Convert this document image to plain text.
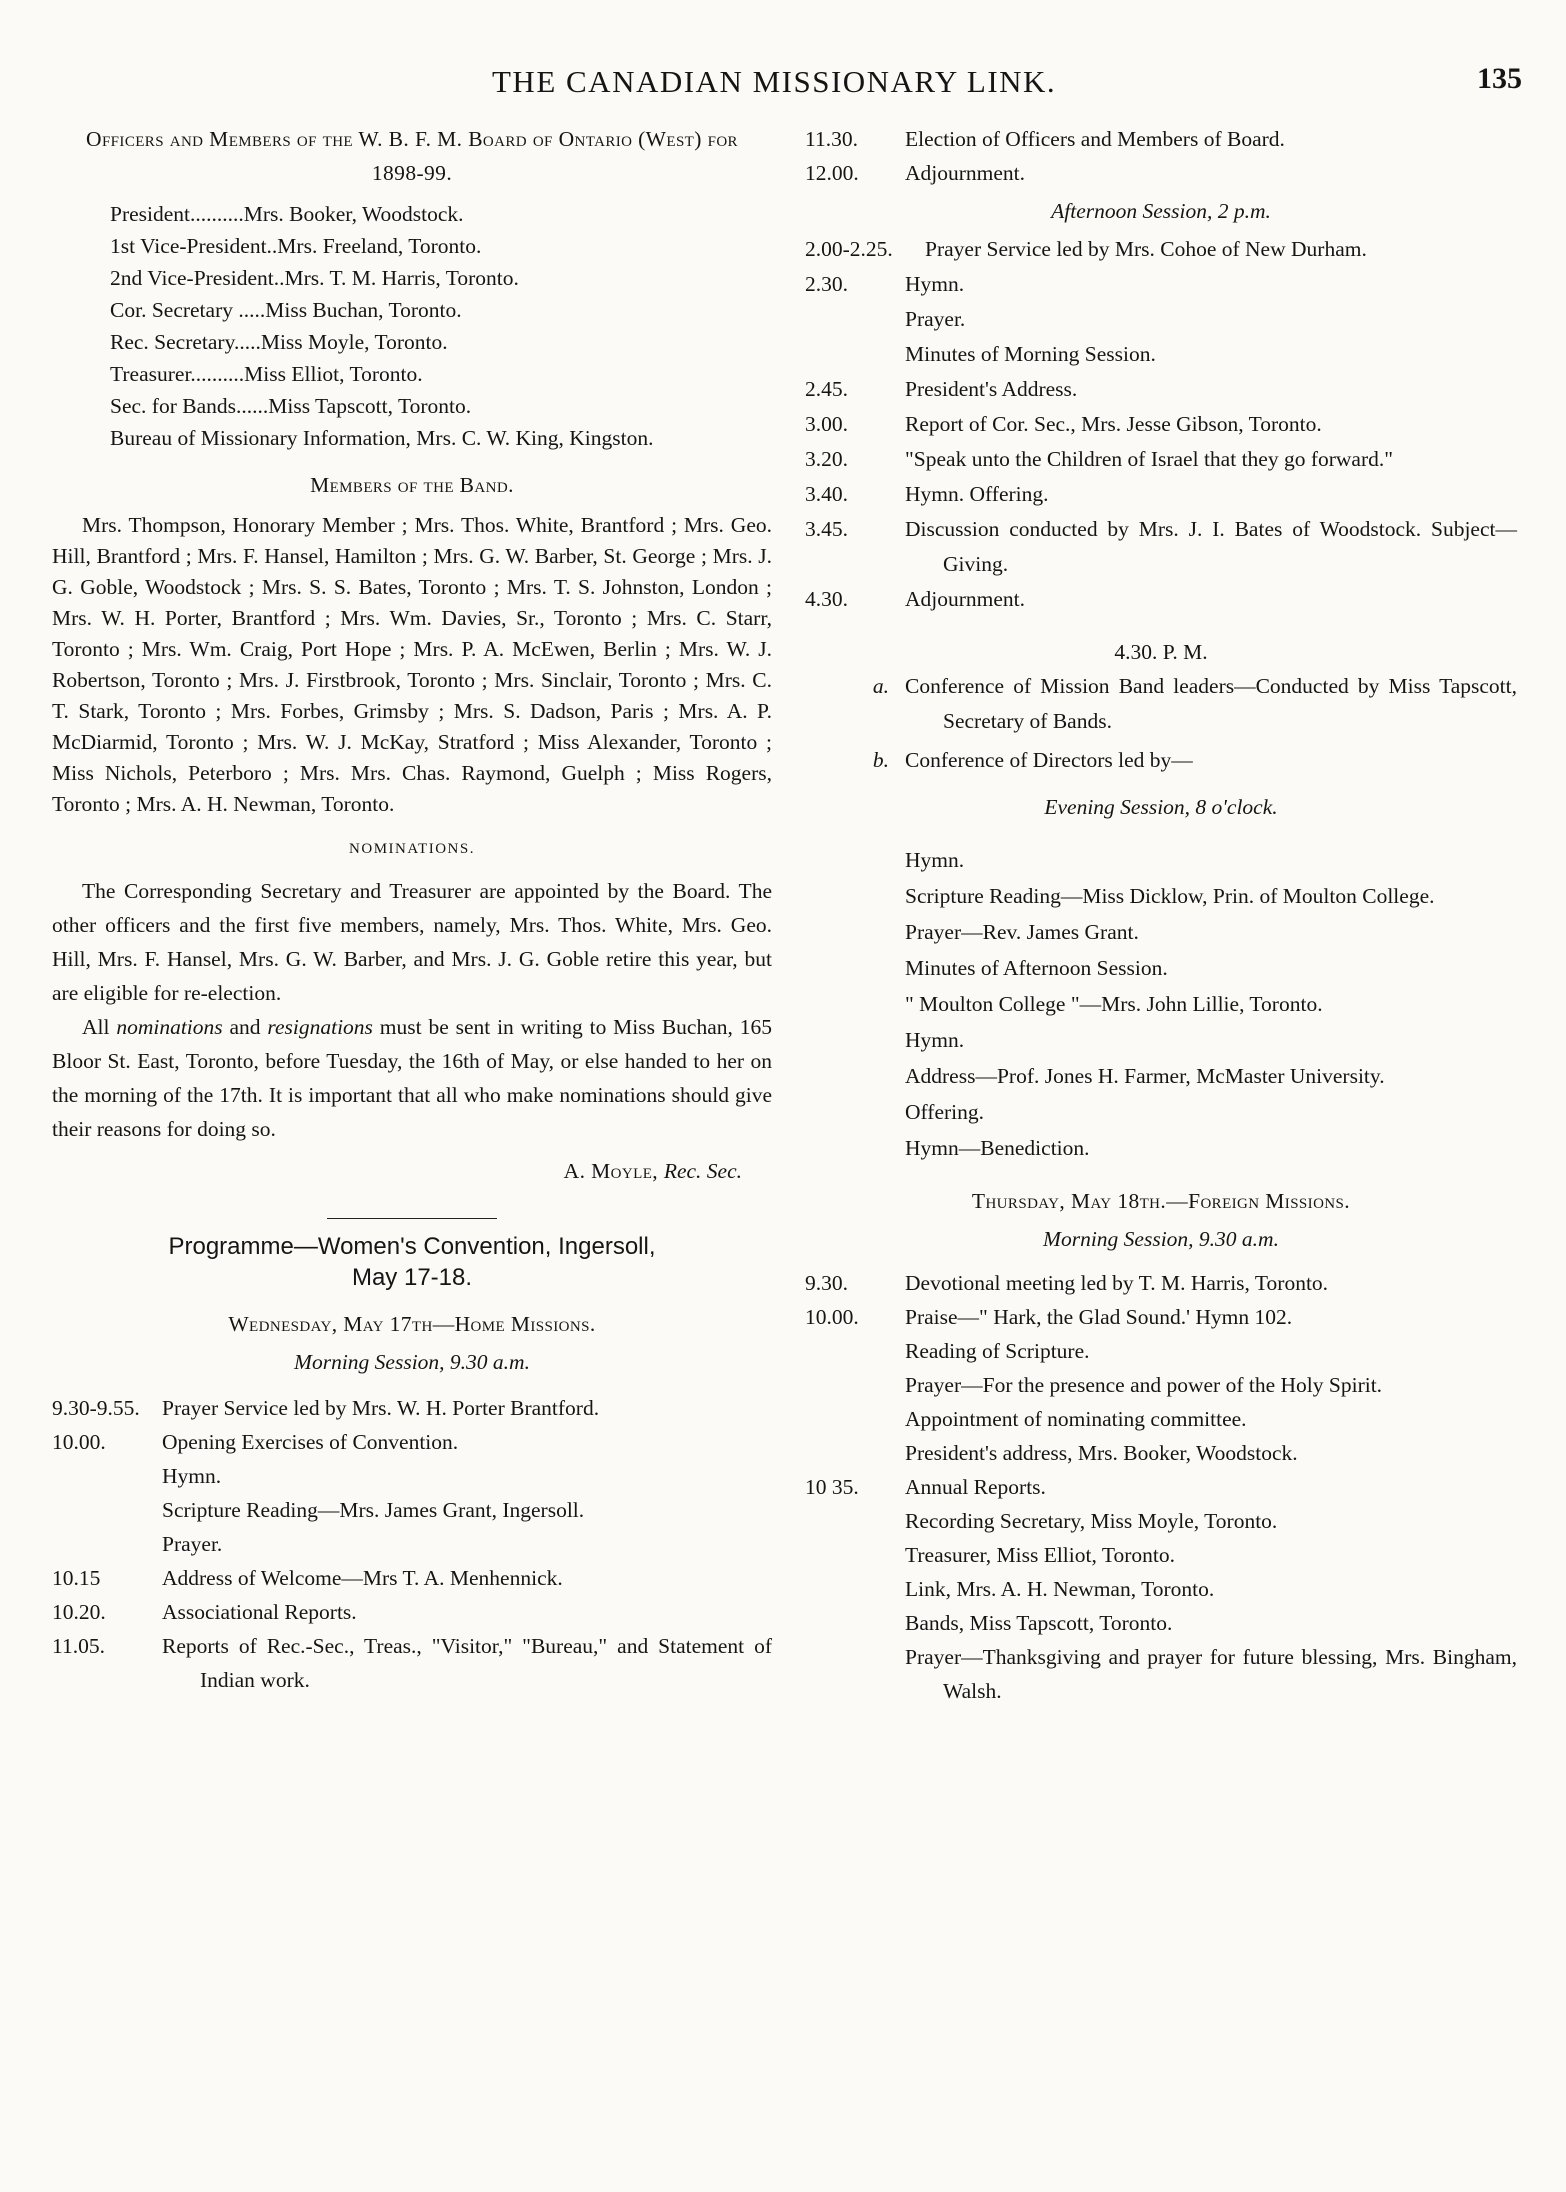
THE CANADIAN MISSIONARY LINK.	135
Officers and Members of the W. B. F. M. Board of Ontario (West) for 1898-99.
President..........Mrs. Booker, Woodstock.
1st Vice-President..Mrs. Freeland, Toronto.
2nd Vice-President..Mrs. T. M. Harris, Toronto.
Cor. Secretary .....Miss Buchan, Toronto.
Rec. Secretary.....Miss Moyle, Toronto.
Treasurer..........Miss Elliot, Toronto.
Sec. for Bands......Miss Tapscott, Toronto.
Bureau of Missionary Information, Mrs. C. W. King, Kingston.
Members of the Band.
Mrs. Thompson, Honorary Member ; Mrs. Thos. White, Brantford ; Mrs. Geo. Hill, Brantford ; Mrs. F. Hansel, Hamilton ; Mrs. G. W. Barber, St. George ; Mrs. J. G. Goble, Woodstock ; Mrs. S. S. Bates, Toronto ; Mrs. T. S. Johnston, London ; Mrs. W. H. Porter, Brantford ; Mrs. Wm. Davies, Sr., Toronto ; Mrs. C. Starr, Toronto ; Mrs. Wm. Craig, Port Hope ; Mrs. P. A. McEwen, Berlin ; Mrs. W. J. Robertson, Toronto ; Mrs. J. Firstbrook, Toronto ; Mrs. Sinclair, Toronto ; Mrs. C. T. Stark, Toronto ; Mrs. Forbes, Grimsby ; Mrs. S. Dadson, Paris ; Mrs. A. P. McDiarmid, Toronto ; Mrs. W. J. McKay, Stratford ; Miss Alexander, Toronto ; Miss Nichols, Peterboro ; Mrs. Mrs. Chas. Raymond, Guelph ; Miss Rogers, Toronto ; Mrs. A. H. Newman, Toronto.
NOMINATIONS.
The Corresponding Secretary and Treasurer are appointed by the Board. The other officers and the first five members, namely, Mrs. Thos. White, Mrs. Geo. Hill, Mrs. F. Hansel, Mrs. G. W. Barber, and Mrs. J. G. Goble retire this year, but are eligible for re-election.
All nominations and resignations must be sent in writing to Miss Buchan, 165 Bloor St. East, Toronto, before Tuesday, the 16th of May, or else handed to her on the morning of the 17th. It is important that all who make nominations should give their reasons for doing so.
A. Moyle, Rec. Sec.
Programme—Women's Convention, Ingersoll,
May 17-18.
Wednesday, May 17th—Home Missions.
Morning Session, 9.30 a.m.
9.30-9.55.	Prayer Service led by Mrs. W. H. Porter Brantford.
10.00.	Opening Exercises of Convention.
Hymn.
Scripture Reading—Mrs. James Grant, Ingersoll.
Prayer.
10.15	Address of Welcome—Mrs T. A. Menhennick.
10.20.	Associational Reports.
11.05.	Reports of Rec.-Sec., Treas., "Visitor," "Bureau," and Statement of Indian work.
11.30.	Election of Officers and Members of Board.
12.00.	Adjournment.
Afternoon Session, 2 p.m.
2.00-2.25.	Prayer Service led by Mrs. Cohoe of New Durham.
2.30.	Hymn.
Prayer.
Minutes of Morning Session.
2.45.	President's Address.
3.00.	Report of Cor. Sec., Mrs. Jesse Gibson, Toronto.
3.20.	"Speak unto the Children of Israel that they go forward."
3.40.	Hymn. Offering.
3.45.	Discussion conducted by Mrs. J. I. Bates of Woodstock. Subject—Giving.
4.30.	Adjournment.
4.30. P. M.
a. Conference of Mission Band leaders—Conducted by Miss Tapscott, Secretary of Bands.
b. Conference of Directors led by—
Evening Session, 8 o'clock.
Hymn.
Scripture Reading—Miss Dicklow, Prin. of Moulton College.
Prayer—Rev. James Grant.
Minutes of Afternoon Session.
" Moulton College "—Mrs. John Lillie, Toronto.
Hymn.
Address—Prof. Jones H. Farmer, McMaster University.
Offering.
Hymn—Benediction.
Thursday, May 18th.—Foreign Missions.
Morning Session, 9.30 a.m.
9.30.	Devotional meeting led by T. M. Harris, Toronto.
10.00.	Praise—" Hark, the Glad Sound.' Hymn 102.
Reading of Scripture.
Prayer—For the presence and power of the Holy Spirit.
Appointment of nominating committee.
President's address, Mrs. Booker, Woodstock.
10 35.	Annual Reports.
Recording Secretary, Miss Moyle, Toronto.
Treasurer, Miss Elliot, Toronto.
Link, Mrs. A. H. Newman, Toronto.
Bands, Miss Tapscott, Toronto.
Prayer—Thanksgiving and prayer for future blessing, Mrs. Bingham, Walsh.
